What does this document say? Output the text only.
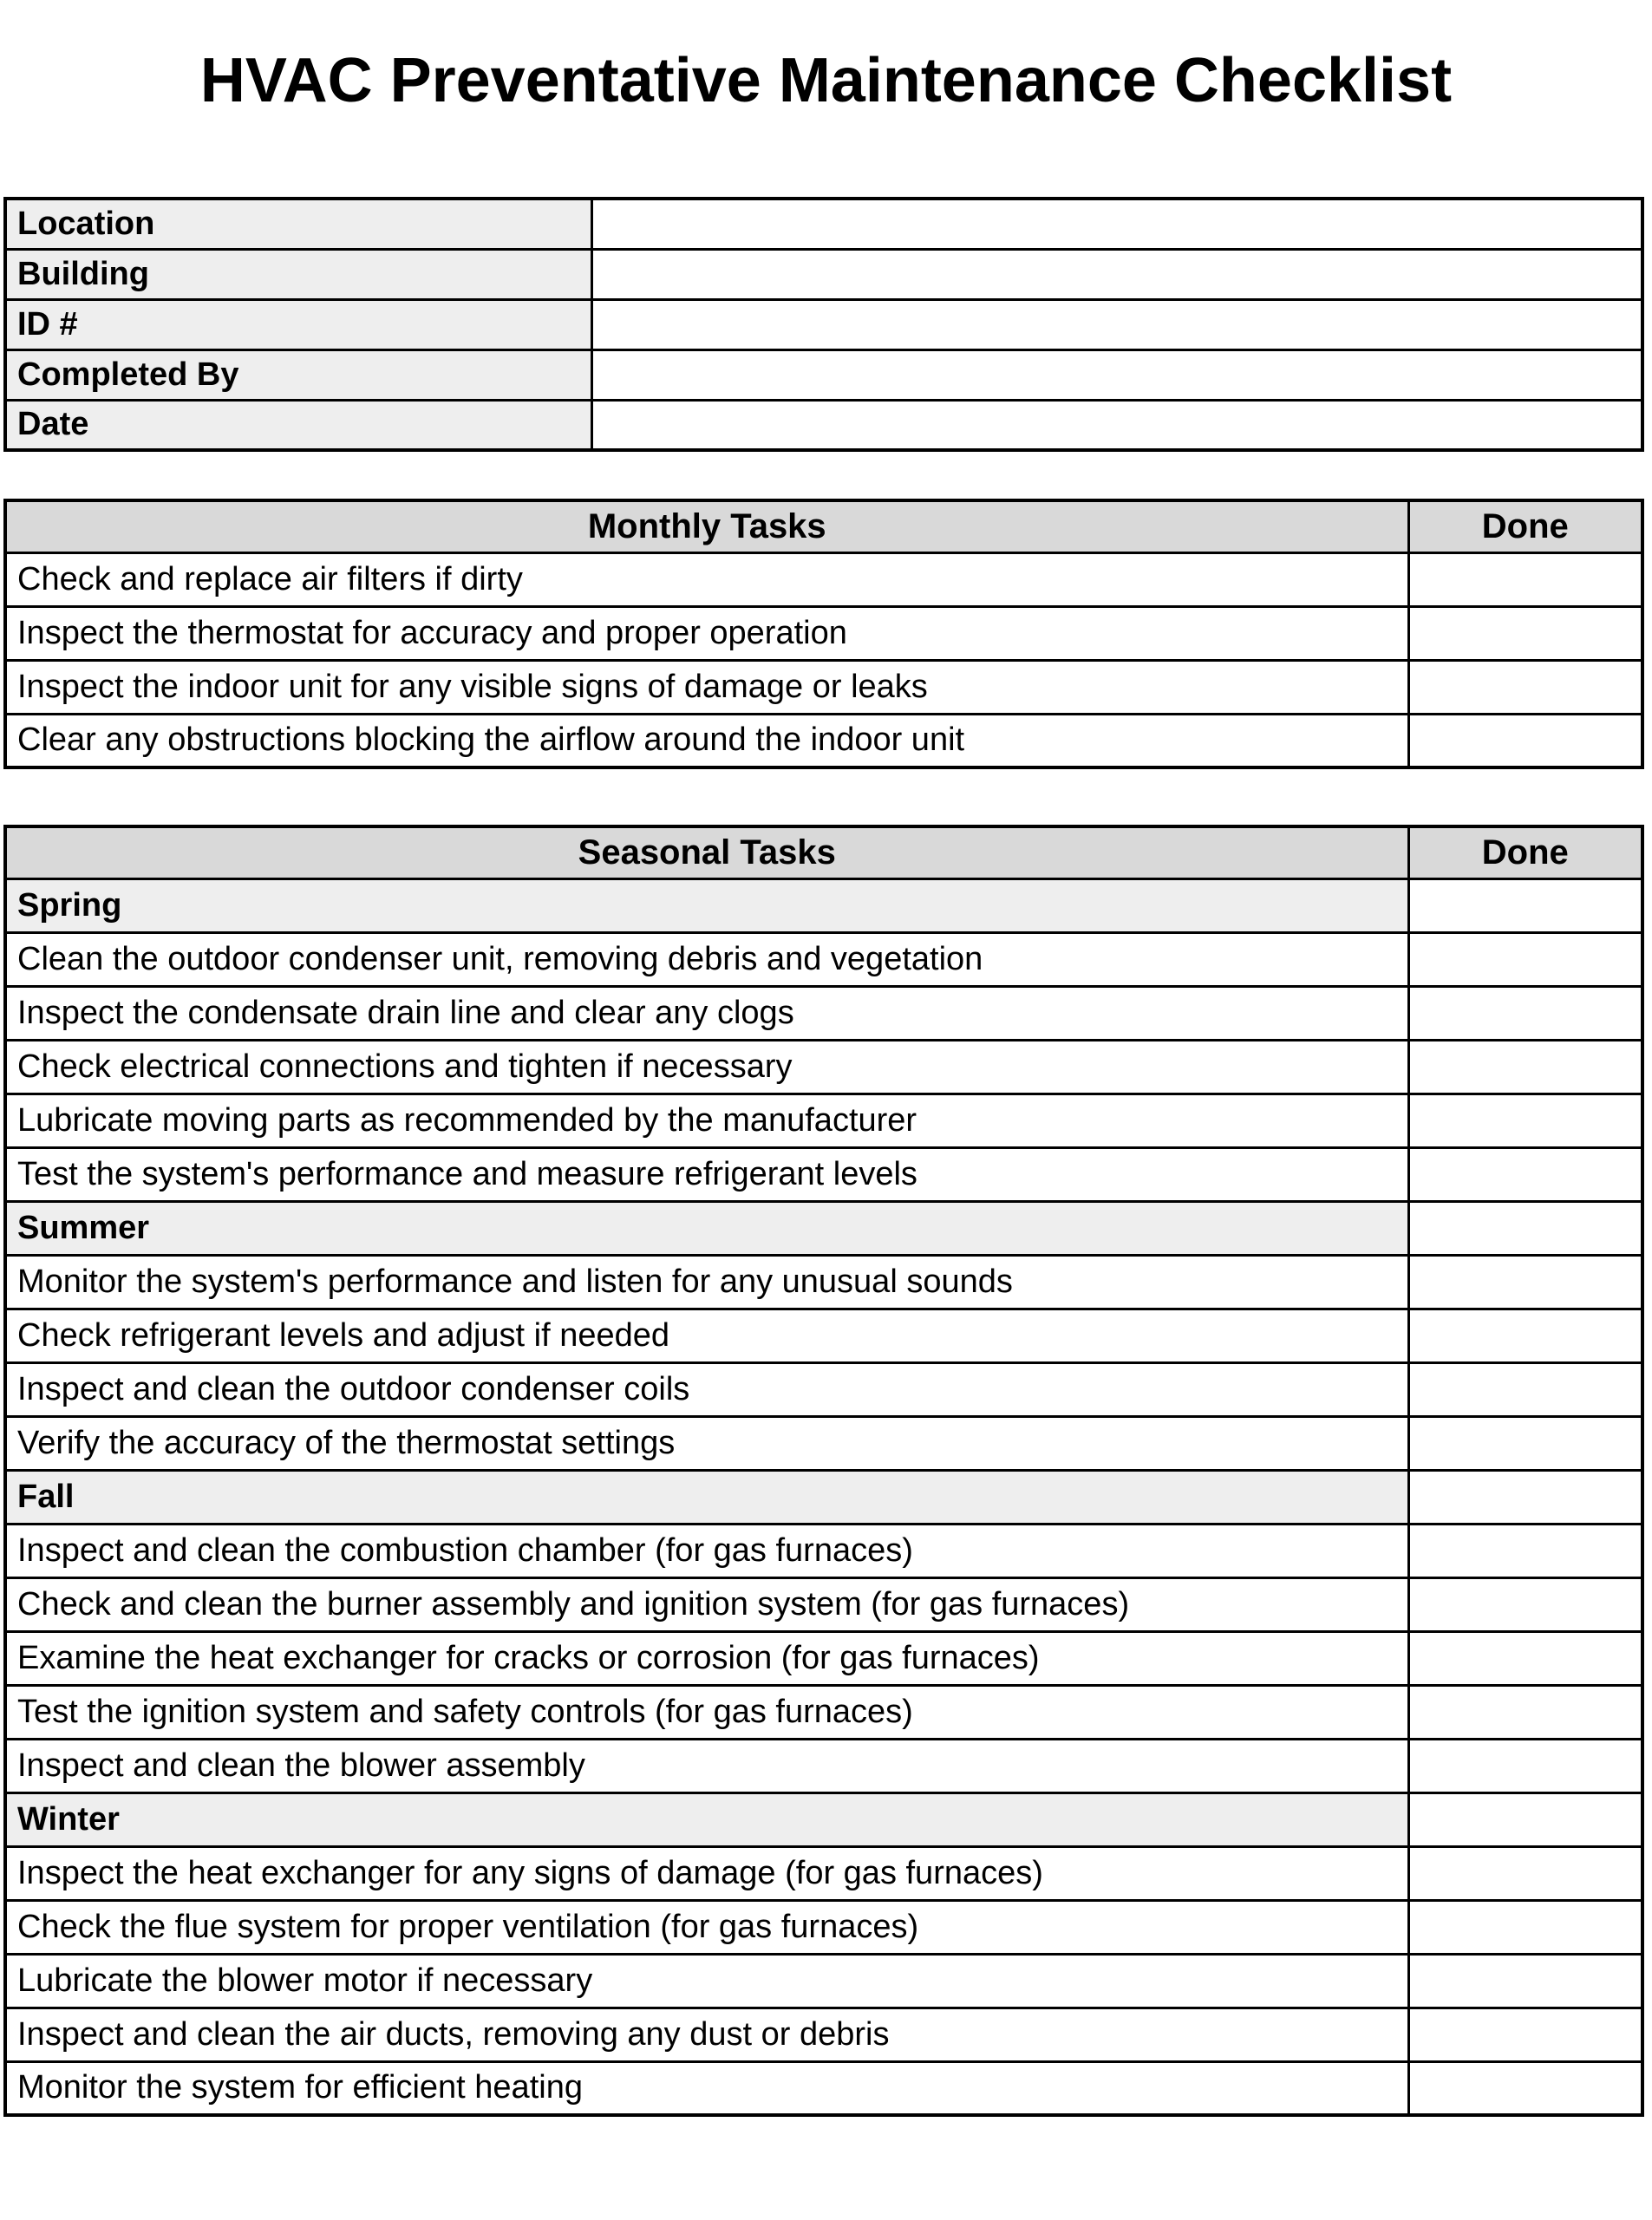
HVAC Preventative Maintenance Checklist
Location	
Building	
ID #	
Completed By	
Date	
Monthly Tasks	Done
Check and replace air filters if dirty	
Inspect the thermostat for accuracy and proper operation	
Inspect the indoor unit for any visible signs of damage or leaks	
Clear any obstructions blocking the airflow around the indoor unit	
Seasonal Tasks	Done
Spring	
Clean the outdoor condenser unit, removing debris and vegetation	
Inspect the condensate drain line and clear any clogs	
Check electrical connections and tighten if necessary	
Lubricate moving parts as recommended by the manufacturer	
Test the system's performance and measure refrigerant levels	
Summer	
Monitor the system's performance and listen for any unusual sounds	
Check refrigerant levels and adjust if needed	
Inspect and clean the outdoor condenser coils	
Verify the accuracy of the thermostat settings	
Fall	
Inspect and clean the combustion chamber (for gas furnaces)	
Check and clean the burner assembly and ignition system (for gas furnaces)	
Examine the heat exchanger for cracks or corrosion (for gas furnaces)	
Test the ignition system and safety controls (for gas furnaces)	
Inspect and clean the blower assembly	
Winter	
Inspect the heat exchanger for any signs of damage (for gas furnaces)	
Check the flue system for proper ventilation (for gas furnaces)	
Lubricate the blower motor if necessary	
Inspect and clean the air ducts, removing any dust or debris	
Monitor the system for efficient heating	
